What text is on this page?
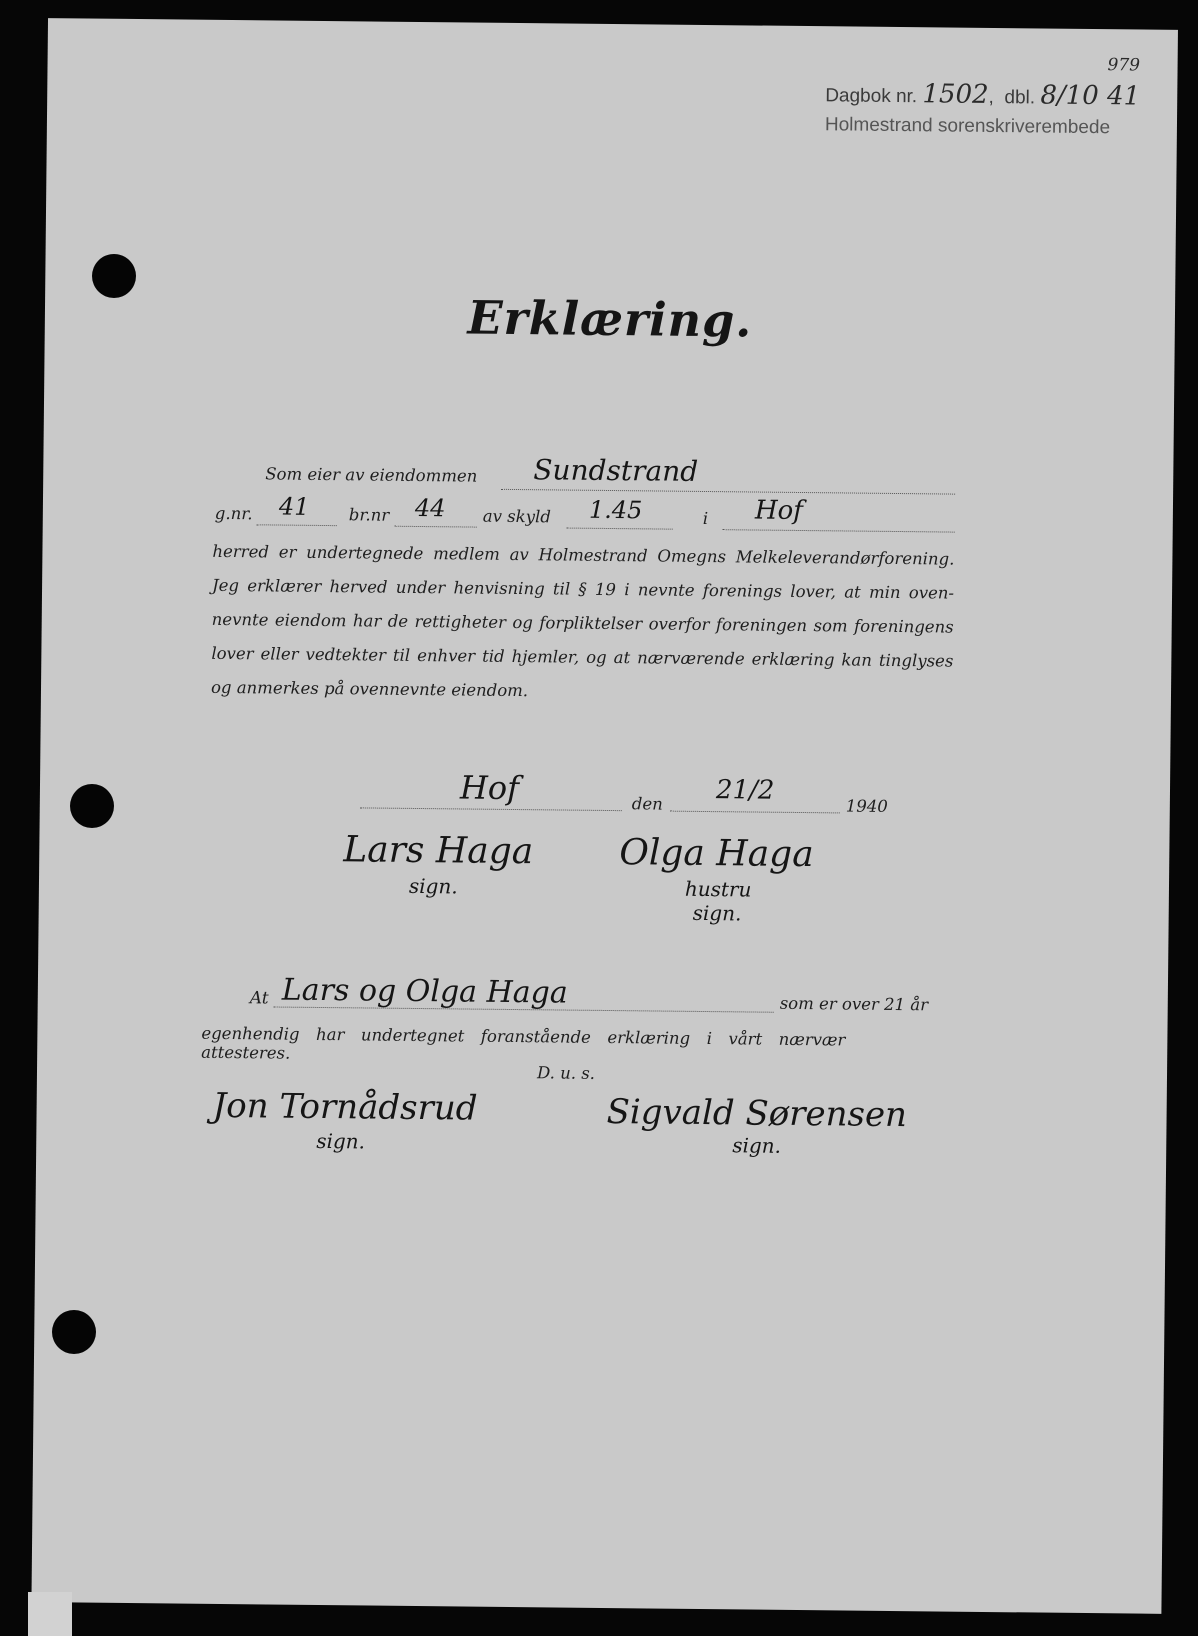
Dagbok nr. 1502,  dbl. 8/10 41
979
Holmestrand sorenskriverembede
Erklæring.
Som eier av eiendommen Sundstrand
g.nr. 41 br.nr 44 av skyld 1.45	i Hof
herred er undertegnede medlem av Holmestrand Omegns Melkeleverandørforening.
Jeg erklærer herved under henvisning til § 19 i nevnte forenings lover, at min oven-
nevnte eiendom har de rettigheter og forpliktelser overfor foreningen som foreningens
lover eller vedtekter til enhver tid hjemler, og at nærværende erklæring kan tinglyses
og anmerkes på ovennevnte eiendom.
Hof	den 21/2
1940
Lars Haga
sign.
Olga Haga
hustru
sign.
At Lars og Olga Haga	som er over 21 år
egenhendig har undertegnet foranstående erklæring i vårt nærvær attesteres.
D. u. s.
Jon Tornådsrud
sign.
Sigvald Sørensen
sign.
